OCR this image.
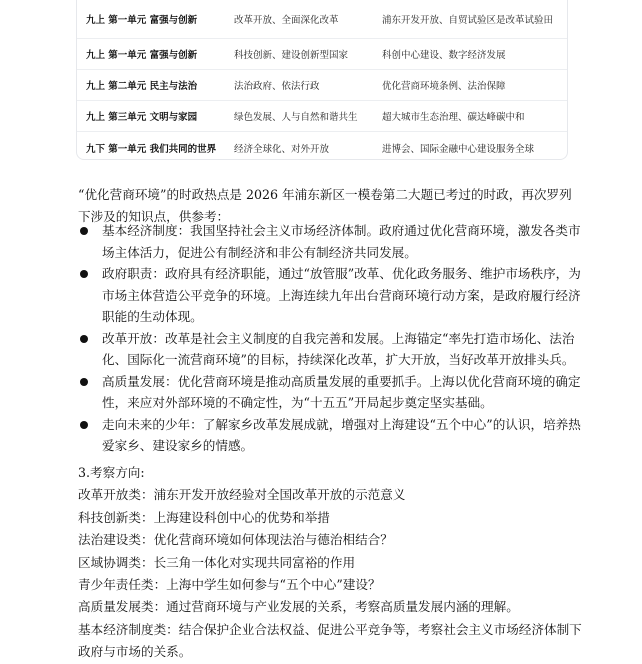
九上 第一单元 富强与创新	改革开放、全面深化改革	浦东开发开放、自贸试验区是改革试验田
九上 第一单元 富强与创新	科技创新、建设创新型国家	科创中心建设、数字经济发展
九上 第二单元 民主与法治	法治政府、依法行政	优化营商环境条例、法治保障
九上 第三单元 文明与家园	绿色发展、人与自然和谐共生	超大城市生态治理、碳达峰碳中和
九下 第一单元 我们共同的世界	经济全球化、对外开放	进博会、国际金融中心建设服务全球
“优化营商环境”的时政热点是 2026 年浦东新区一模卷第二大题已考过的时政，再次罗列
下涉及的知识点，供参考：
基本经济制度：我国坚持社会主义市场经济体制。政府通过优化营商环境，激发各类市
场主体活力，促进公有制经济和非公有制经济共同发展。
政府职责：政府具有经济职能，通过“放管服”改革、优化政务服务、维护市场秩序，为
市场主体营造公平竞争的环境。上海连续九年出台营商环境行动方案，是政府履行经济
职能的生动体现。
改革开放：改革是社会主义制度的自我完善和发展。上海锚定“率先打造市场化、法治
化、国际化一流营商环境”的目标，持续深化改革，扩大开放，当好改革开放排头兵。
高质量发展：优化营商环境是推动高质量发展的重要抓手。上海以优化营商环境的确定
性，来应对外部环境的不确定性，为“十五五”开局起步奠定坚实基础。
走向未来的少年：了解家乡改革发展成就，增强对上海建设“五个中心”的认识，培养热
爱家乡、建设家乡的情感。
3.考察方向:
改革开放类：浦东开发开放经验对全国改革开放的示范意义
科技创新类：上海建设科创中心的优势和举措
法治建设类：优化营商环境如何体现法治与德治相结合？
区域协调类：长三角一体化对实现共同富裕的作用
青少年责任类：上海中学生如何参与“五个中心”建设？
高质量发展类：通过营商环境与产业发展的关系，考察高质量发展内涵的理解。
基本经济制度类：结合保护企业合法权益、促进公平竞争等，考察社会主义市场经济体制下
政府与市场的关系。
